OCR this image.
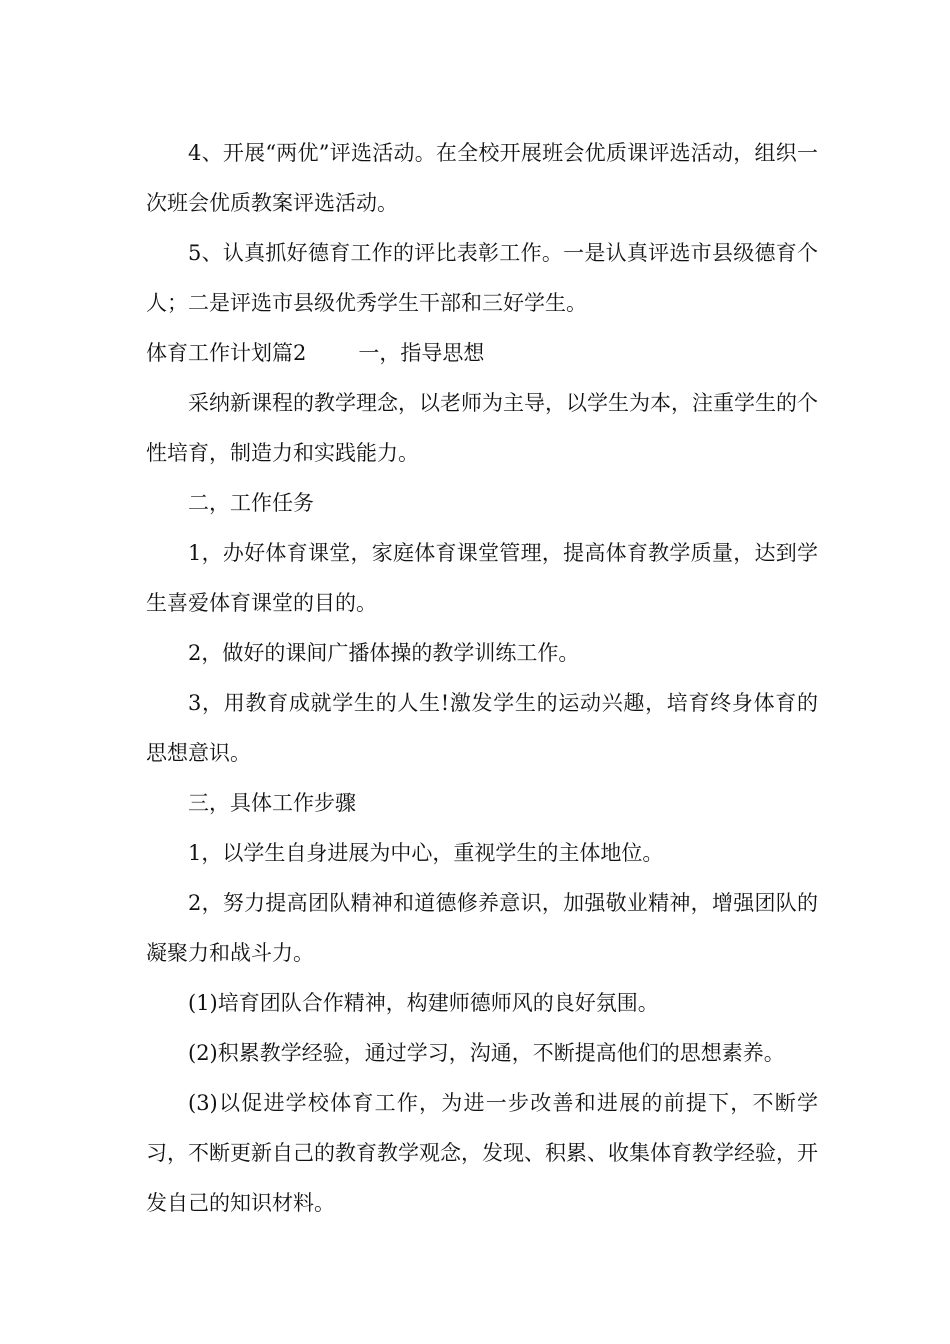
4、开展“两优”评选活动。在全校开展班会优质课评选活动，组织一次班会优质教案评选活动。

5、认真抓好德育工作的评比表彰工作。一是认真评选市县级德育个人；二是评选市县级优秀学生干部和三好学生。

体育工作计划篇2 一，指导思想

采纳新课程的教学理念，以老师为主导，以学生为本，注重学生的个性培育，制造力和实践能力。

二，工作任务

1，办好体育课堂，家庭体育课堂管理，提高体育教学质量，达到学生喜爱体育课堂的目的。

2，做好的课间广播体操的教学训练工作。

3，用教育成就学生的人生!激发学生的运动兴趣，培育终身体育的思想意识。

三，具体工作步骤

1，以学生自身进展为中心，重视学生的主体地位。

2，努力提高团队精神和道德修养意识，加强敬业精神，增强团队的凝聚力和战斗力。

(1)培育团队合作精神，构建师德师风的良好氛围。

(2)积累教学经验，通过学习，沟通，不断提高他们的思想素养。

(3)以促进学校体育工作，为进一步改善和进展的前提下，不断学习，不断更新自己的教育教学观念，发现、积累、收集体育教学经验，开发自己的知识材料。
